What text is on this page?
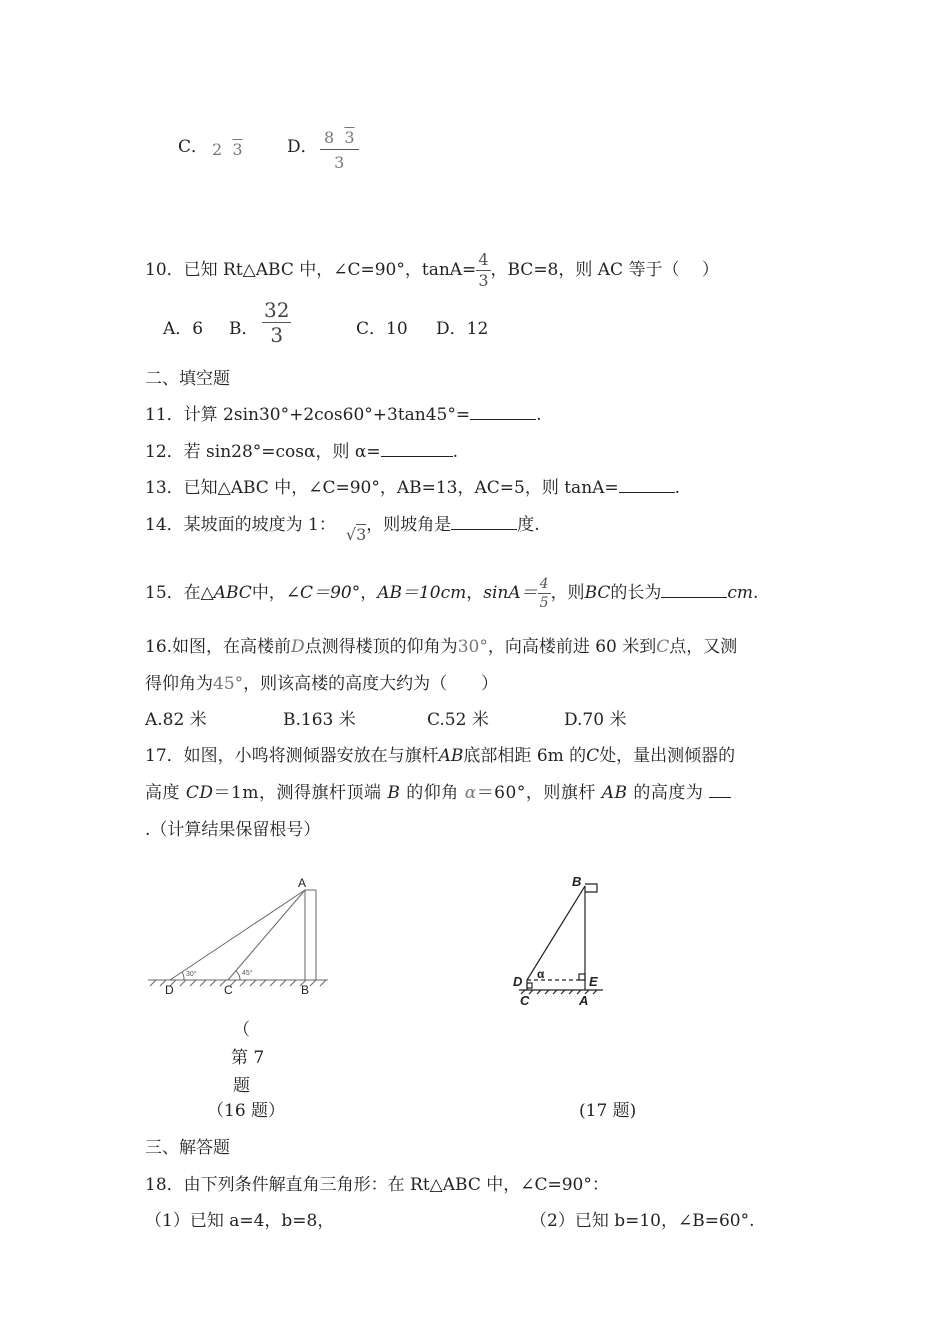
C． 2 3	D． 8 3
3
10．已知 Rt△ABC 中，∠C=90°，$\tan A= \frac{4}{3}$ ，BC=8，则 AC 等于（　 ）
A．6 B． $\frac{32}{3}$	C．10 D．12
二、填空题
11．计算 2sin30°+2cos60°+3tan45°=	.
12．若 sin28°=cosα，则 α=	.
13．已知△ABC 中，∠C=90°，AB=13，AC=5，则 tanA=	.
14．某坡面的坡度为 1： √3，则坡角是	度.
15．在△ABC中，∠C＝90°，AB＝10cm，$\sin A= \frac{4}{5}$ ，则BC的长为	cm.
16.如图，在高楼前D点测得楼顶的仰角为30°，向高楼前进 60 米到C点，又测
得仰角为45°，则该高楼的高度大约为（　　）
A.82 米	B.163 米	C.52 米	D.70 米
17．如图，小鸣将测倾器安放在与旗杆AB底部相距 6m 的C处，量出测倾器的
高度 CD＝1m，测得旗杆顶端 B 的仰角 α＝60°，则旗杆 AB 的高度为
.（计算结果保留根号）
A
D	C	B
30°	45°
（
第 7
题
（16 题）
B
D	E
C	A
α
(17 题)
三、解答题
18．由下列条件解直角三角形：在 Rt△ABC 中，∠C=90°：
（1）已知 a=4，b=8，	（2）已知 b=10，∠B=60°.
